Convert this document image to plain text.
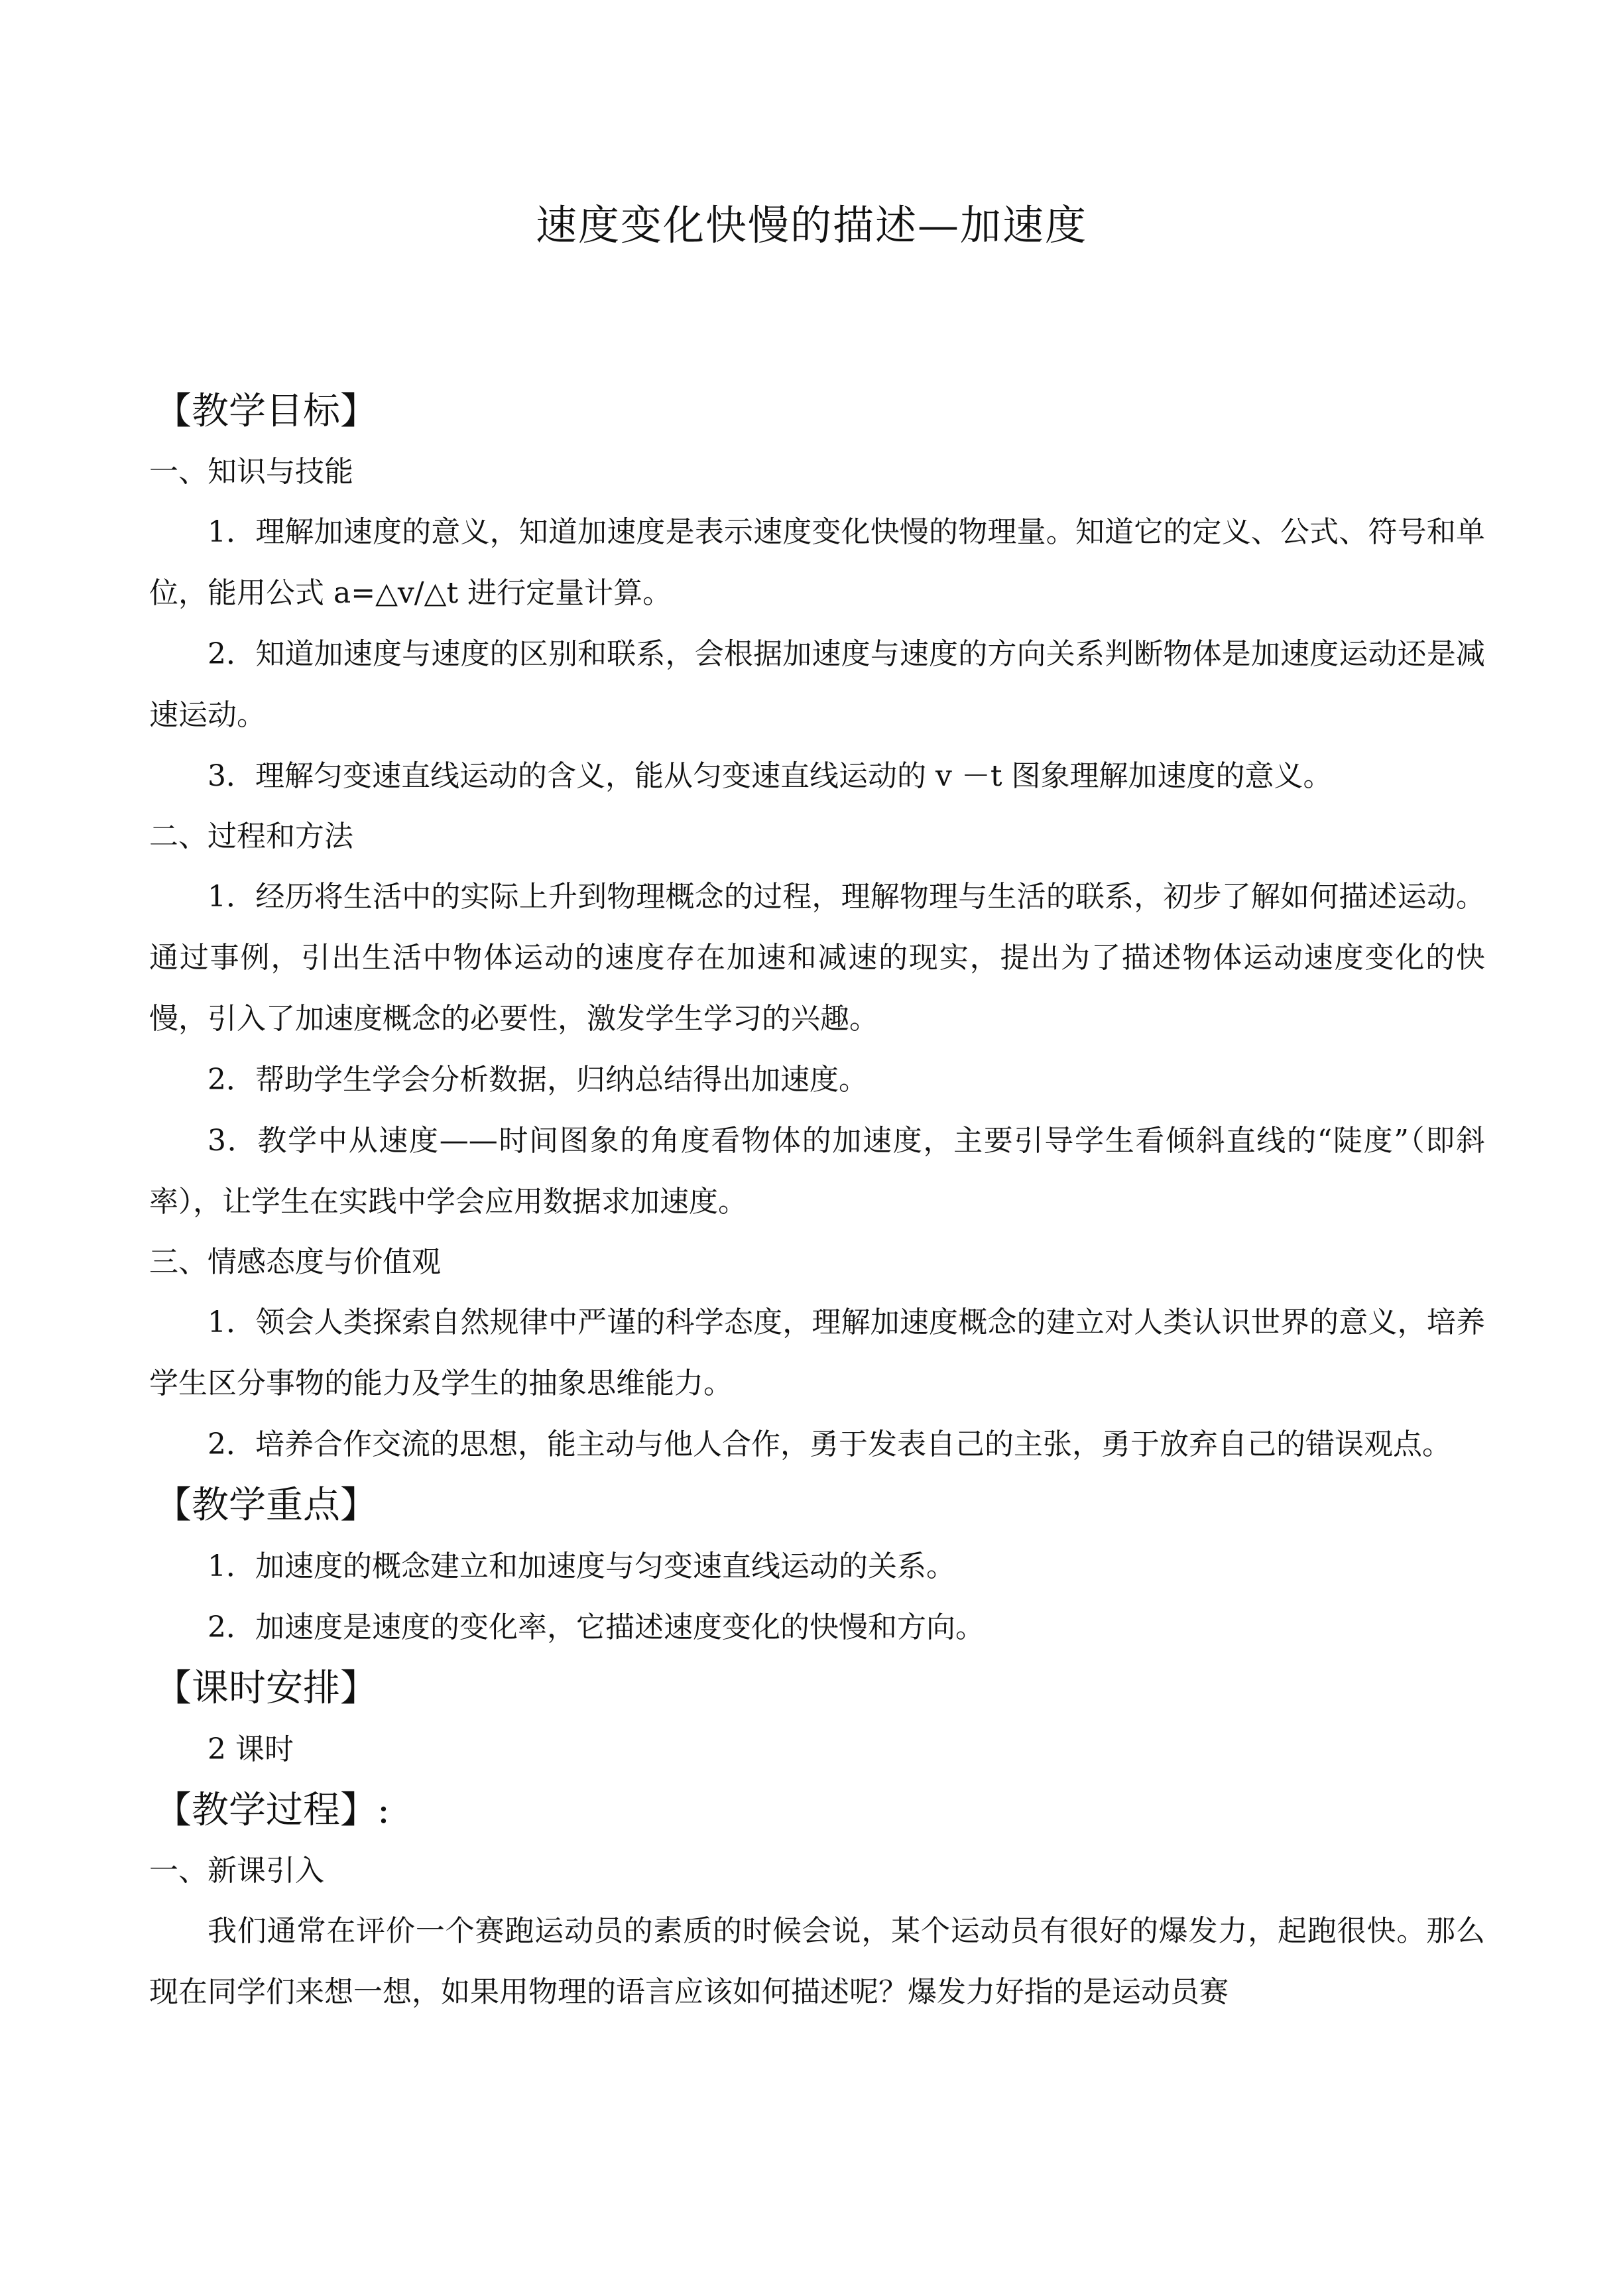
速度变化快慢的描述—加速度
【教学目标】
一、知识与技能

1．理解加速度的意义，知道加速度是表示速度变化快慢的物理量。知道它的定义、公式、符号和单位，能用公式 a=△v/△t 进行定量计算。

2．知道加速度与速度的区别和联系，会根据加速度与速度的方向关系判断物体是加速度运动还是减速运动。

3．理解匀变速直线运动的含义，能从匀变速直线运动的 v －t 图象理解加速度的意义。

二、过程和方法

1．经历将生活中的实际上升到物理概念的过程，理解物理与生活的联系，初步了解如何描述运动。通过事例，引出生活中物体运动的速度存在加速和减速的现实，提出为了描述物体运动速度变化的快慢，引入了加速度概念的必要性，激发学生学习的兴趣。

2．帮助学生学会分析数据，归纳总结得出加速度。

3．教学中从速度——时间图象的角度看物体的加速度，主要引导学生看倾斜直线的“陡度”（即斜率），让学生在实践中学会应用数据求加速度。

三、情感态度与价值观

1．领会人类探索自然规律中严谨的科学态度，理解加速度概念的建立对人类认识世界的意义，培养学生区分事物的能力及学生的抽象思维能力。

2．培养合作交流的思想，能主动与他人合作，勇于发表自己的主张，勇于放弃自己的错误观点。

【教学重点】

1．加速度的概念建立和加速度与匀变速直线运动的关系。

2．加速度是速度的变化率，它描述速度变化的快慢和方向。

【课时安排】

2 课时

【教学过程】:
一、新课引入

我们通常在评价一个赛跑运动员的素质的时候会说，某个运动员有很好的爆发力，起跑很快。那么现在同学们来想一想，如果用物理的语言应该如何描述呢？爆发力好指的是运动员赛
